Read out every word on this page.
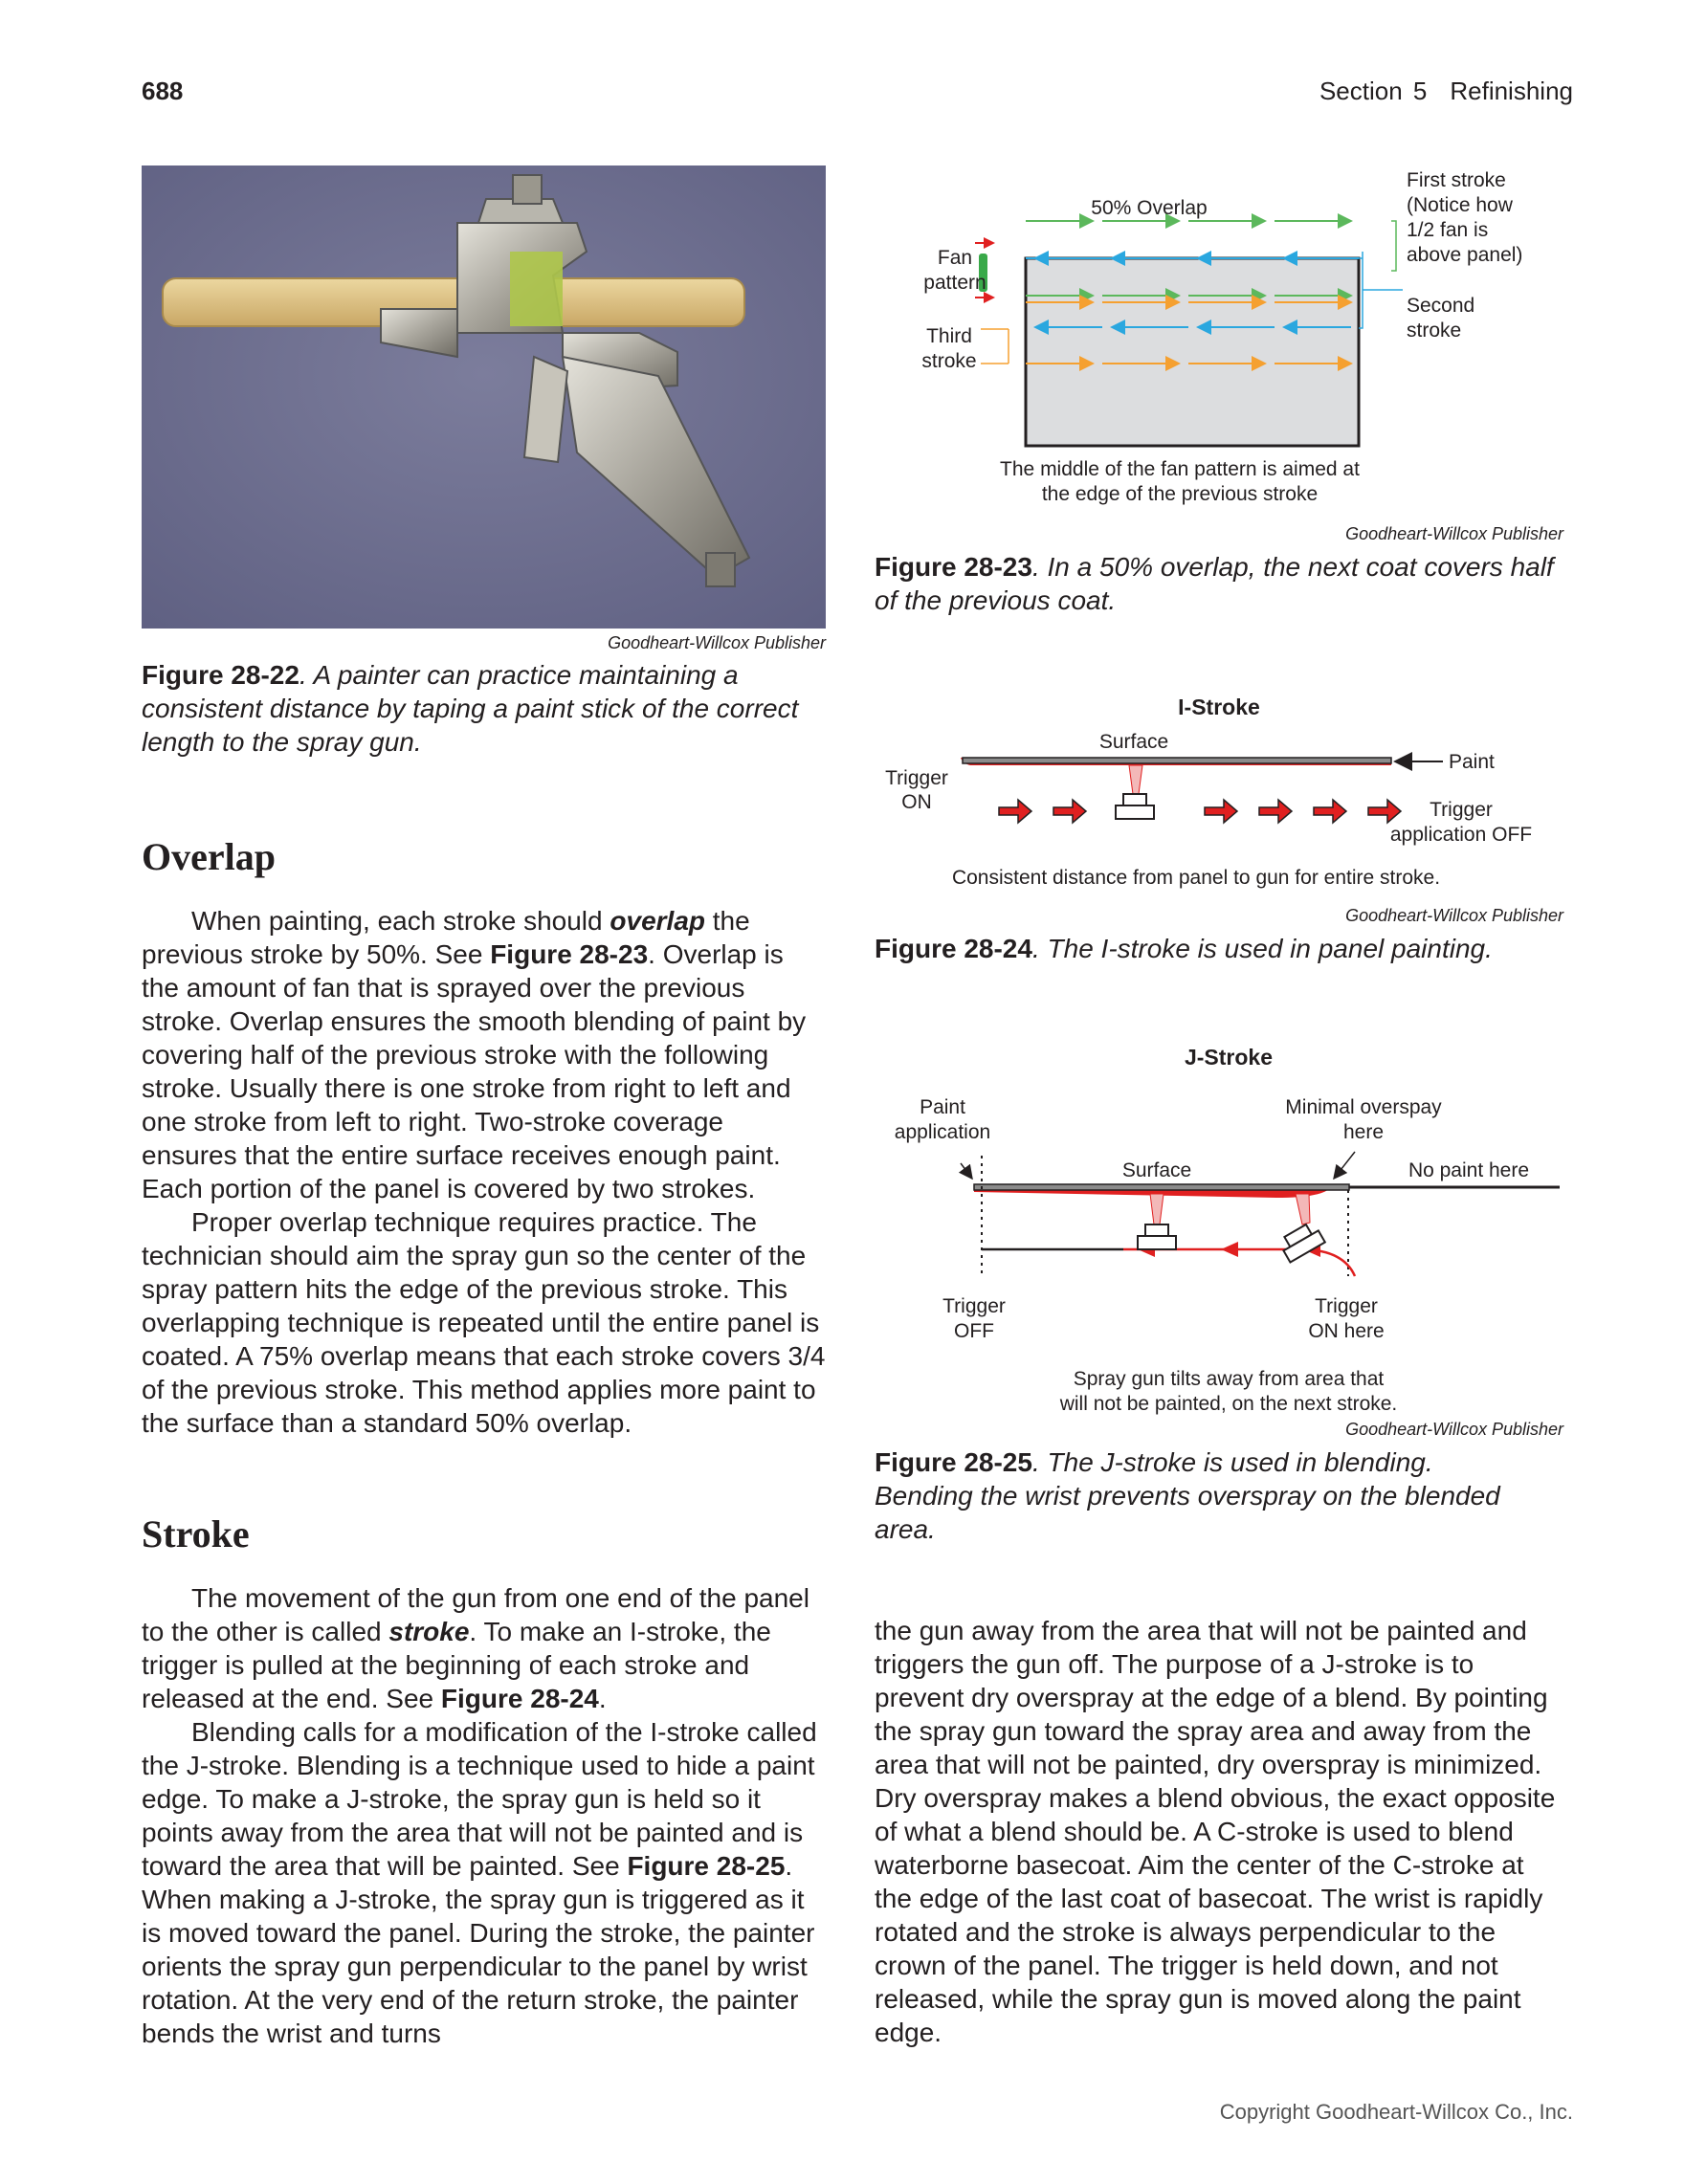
688	Section 5 Refinishing
Goodheart-Willcox Publisher
Figure 28-22. A painter can practice maintaining a consistent distance by taping a paint stick of the correct length to the spray gun.
Overlap

When painting, each stroke should overlap the previous stroke by 50%. See Figure 28-23. Overlap is the amount of fan that is sprayed over the previous stroke. Overlap ensures the smooth blending of paint by covering half of the previous stroke with the following stroke. Usually there is one stroke from right to left and one stroke from left to right. Two-stroke coverage ensures that the entire surface receives enough paint. Each portion of the panel is covered by two strokes.

Proper overlap technique requires practice. The technician should aim the spray gun so the center of the spray pattern hits the edge of the previous stroke. This overlapping technique is repeated until the entire panel is coated. A 75% overlap means that each stroke covers 3/4 of the previous stroke. This method applies more paint to the surface than a standard 50% overlap.

Stroke

The movement of the gun from one end of the panel to the other is called stroke. To make an I-stroke, the trigger is pulled at the beginning of each stroke and released at the end. See Figure 28-24.

Blending calls for a modification of the I-stroke called the J-stroke. Blending is a technique used to hide a paint edge. To make a J-stroke, the spray gun is held so it points away from the area that will not be painted and is toward the area that will be painted. See Figure 28-25. When making a J-stroke, the spray gun is triggered as it is moved toward the panel. During the stroke, the painter orients the spray gun perpendicular to the panel by wrist rotation. At the very end of the return stroke, the painter bends the wrist and turns

the gun away from the area that will not be painted and triggers the gun off. The purpose of a J-stroke is to prevent dry overspray at the edge of a blend. By pointing the spray gun toward the spray area and away from the area that will not be painted, dry overspray is minimized. Dry overspray makes a blend obvious, the exact opposite of what a blend should be. A C-stroke is used to blend waterborne basecoat. Aim the center of the C-stroke at the edge of the last coat of basecoat. The wrist is rapidly rotated and the stroke is always perpendicular to the crown of the panel. The trigger is held down, and not released, while the spray gun is moved along the paint edge.

50% Overlap
Fan
pattern
Third
stroke
First stroke
(Notice how
1/2 fan is
above panel)
Second
stroke
The middle of the fan pattern is aimed at
the edge of the previous stroke
Goodheart-Willcox Publisher
Figure 28-23. In a 50% overlap, the next coat covers half of the previous coat.
I-Stroke
Surface
Paint
Trigger
ON	Trigger
application OFF
Consistent distance from panel to gun for entire stroke.
Goodheart-Willcox Publisher
Figure 28-24. The I-stroke is used in panel painting.
J-Stroke
Paint
application
Minimal overspay
here
Surface	No paint here
Trigger
OFF
Trigger
ON here
Spray gun tilts away from area that
will not be painted, on the next stroke.
Goodheart-Willcox Publisher
Figure 28-25. The J-stroke is used in blending. Bending the wrist prevents overspray on the blended area.
Copyright Goodheart-Willcox Co., Inc.
